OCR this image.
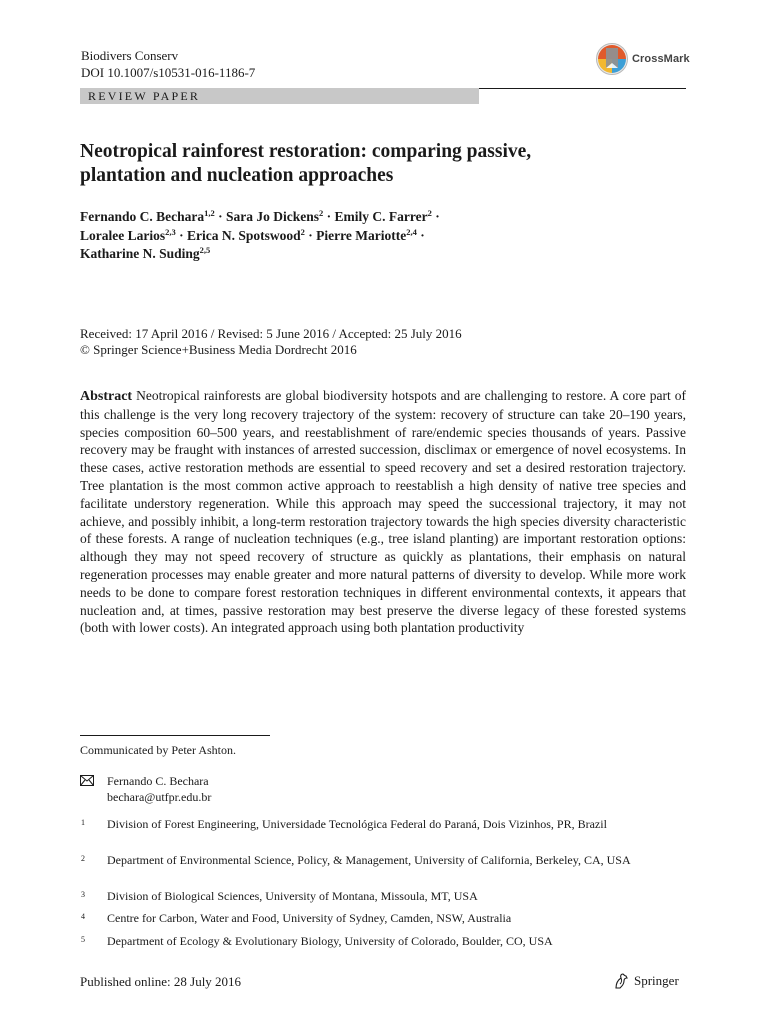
Biodivers Conserv
DOI 10.1007/s10531-016-1186-7
CrossMark
REVIEW PAPER
Neotropical rainforest restoration: comparing passive,
plantation and nucleation approaches
Fernando C. Bechara$^{1,2}$ · Sara Jo Dickens$^2$ · Emily C. Farrer$^2$ ·
Loralee Larios$^{2,3}$ · Erica N. Spotswood$^2$ · Pierre Mariotte$^{2,4}$ ·
Katharine N. Suding$^{2,5}$
Received: 17 April 2016 / Revised: 5 June 2016 / Accepted: 25 July 2016
© Springer Science+Business Media Dordrecht 2016
Abstract Neotropical rainforests are global biodiversity hotspots and are challenging to restore. A core part of this challenge is the very long recovery trajectory of the system: recovery of structure can take 20–190 years, species composition 60–500 years, and reestablishment of rare/endemic species thousands of years. Passive recovery may be fraught with instances of arrested succession, disclimax or emergence of novel ecosystems. In these cases, active restoration methods are essential to speed recovery and set a desired restoration trajectory. Tree plantation is the most common active approach to reestablish a high density of native tree species and facilitate understory regeneration. While this approach may speed the successional trajectory, it may not achieve, and possibly inhibit, a long-term restoration trajectory towards the high species diversity characteristic of these forests. A range of nucleation techniques (e.g., tree island planting) are important restoration options: although they may not speed recovery of structure as quickly as plantations, their emphasis on natural regeneration processes may enable greater and more natural patterns of diversity to develop. While more work needs to be done to compare forest restoration techniques in different environmental contexts, it appears that nucleation and, at times, passive restoration may best preserve the diverse legacy of these forested systems (both with lower costs). An integrated approach using both plantation productivity
Communicated by Peter Ashton.
Fernando C. Bechara
bechara@utfpr.edu.br
1 Division of Forest Engineering, Universidade Tecnológica Federal do Paraná, Dois Vizinhos, PR, Brazil
2 Department of Environmental Science, Policy, & Management, University of California, Berkeley, CA, USA
3 Division of Biological Sciences, University of Montana, Missoula, MT, USA
4 Centre for Carbon, Water and Food, University of Sydney, Camden, NSW, Australia
5 Department of Ecology & Evolutionary Biology, University of Colorado, Boulder, CO, USA
Published online: 28 July 2016	Springer
